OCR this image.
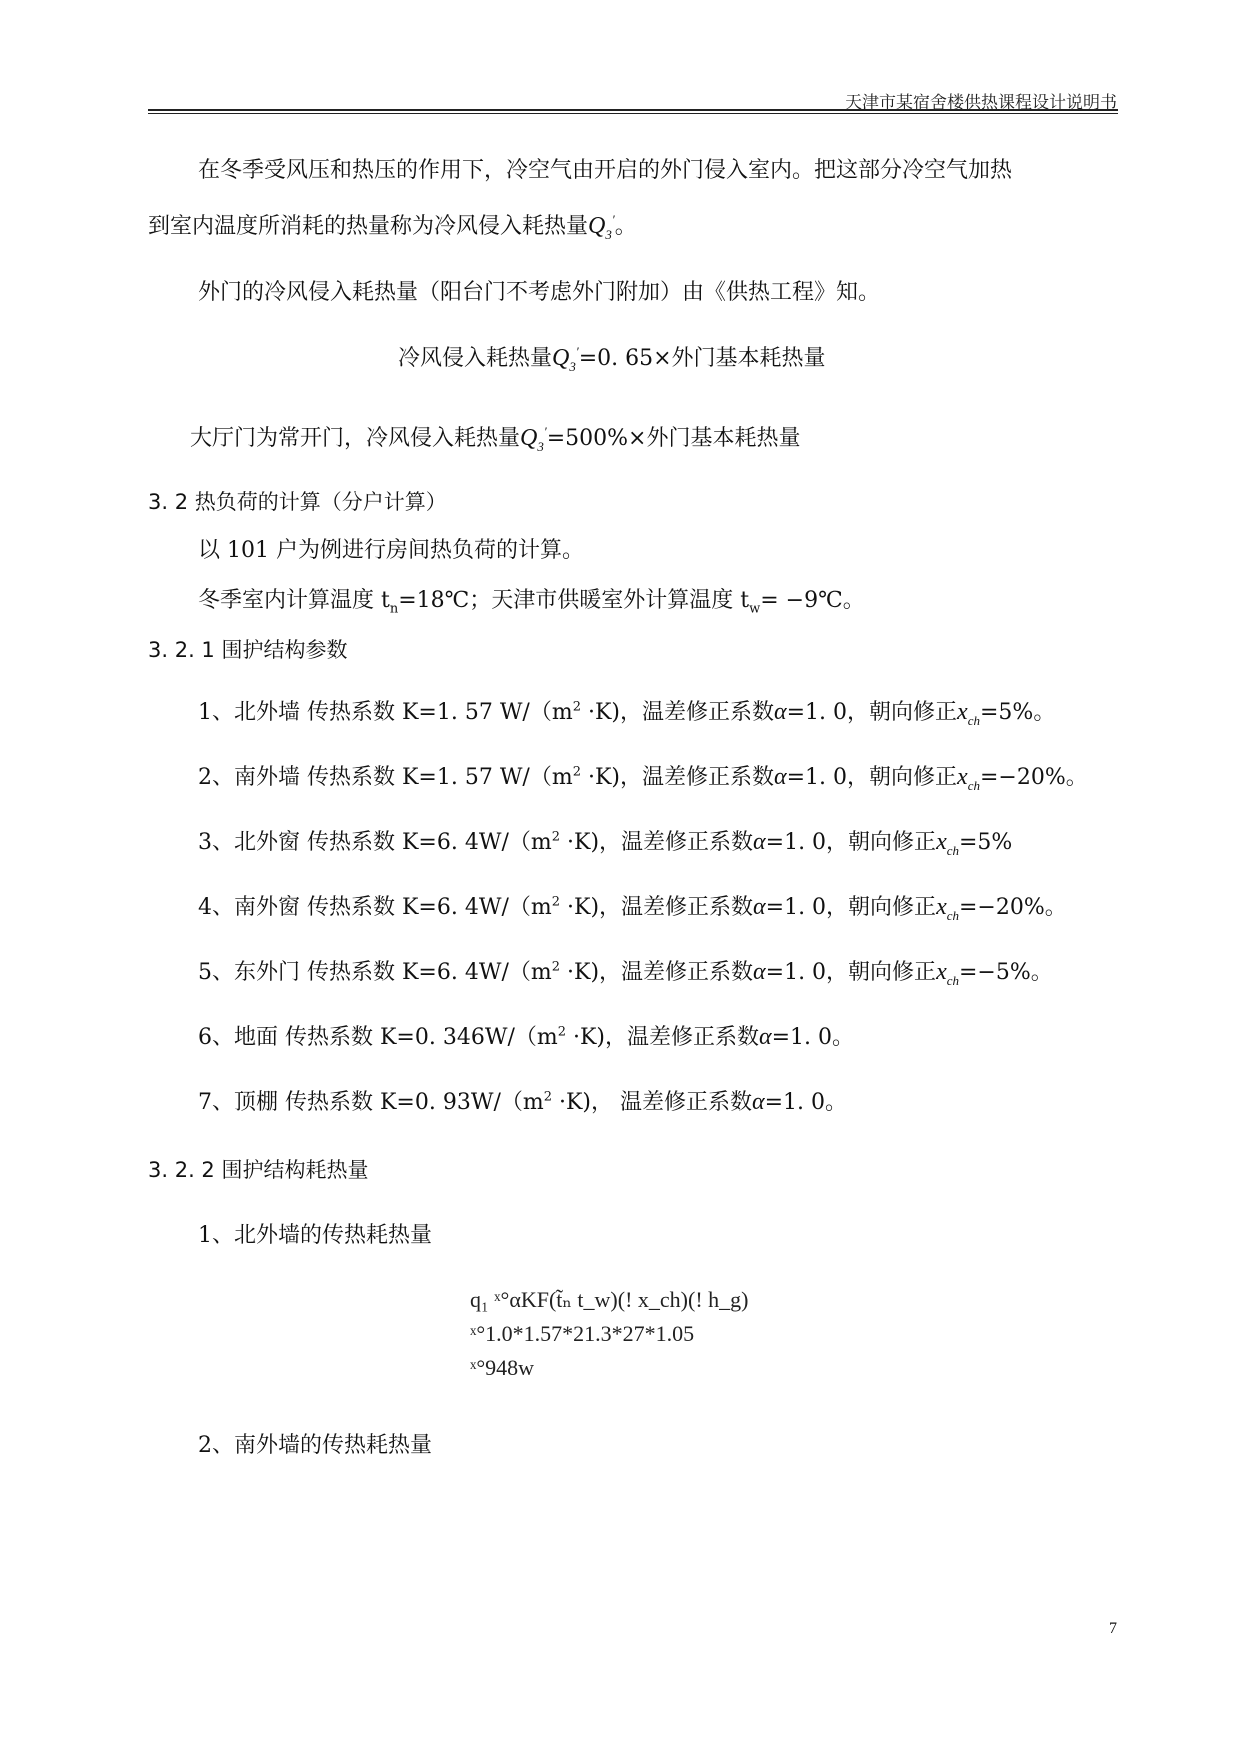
天津市某宿舍楼供热课程设计说明书
在冬季受风压和热压的作用下，冷空气由开启的外门侵入室内。把这部分冷空气加热
到室内温度所消耗的热量称为冷风侵入耗热量$Q_3'$。
外门的冷风侵入耗热量（阳台门不考虑外门附加）由《供热工程》知。
冷风侵入耗热量$Q_3'=0$. 65×外门基本耗热量
大厅门为常开门，冷风侵入耗热量$Q_3'=500\%\times$外门基本耗热量
3. 2 热负荷的计算（分户计算）
以 101 户为例进行房间热负荷的计算。
冬季室内计算温度 $t_n=18℃$；天津市供暖室外计算温度 $t_w=$ −9℃。
3. 2. 1 围护结构参数
1、北外墙 传热系数 K=1. 57 $W/(m^2 \cdot K)$，温差修正系数α=1. 0，朝向修正$x_{ch}=5\%$。
2、南外墙 传热系数 K=1. 57 $W/(m^2 \cdot K)$，温差修正系数α=1. 0，朝向修正$x_{ch}=-20\%$。
3、北外窗 传热系数 K=6. $4W/(m^2 \cdot K)$，温差修正系数α=1. 0，朝向修正$x_{ch}=5\%$
4、南外窗 传热系数 K=6. $4W/(m^2 \cdot K)$，温差修正系数α=1. 0，朝向修正$x_{ch}=-20\%$。
5、东外门 传热系数 K=6. $4W/(m^2 \cdot K)$，温差修正系数α=1. 0，朝向修正$x_{ch}=-5\%$。
6、地面 传热系数 K=0. $346W/(m^2 \cdot K)$，温差修正系数α=1. 0。
7、顶棚 传热系数 K=0. $93W/(m^2 \cdot K)$， 温差修正系数α=1. 0。
3. 2. 2 围护结构耗热量
1、北外墙的传热耗热量
q₁ ˣ°αKF(t̃ₙ t_w)(! x_ch)(! h_g)
ˣ°1.0*1.57*21.3*27*1.05
ˣ°948w
2、南外墙的传热耗热量
7
